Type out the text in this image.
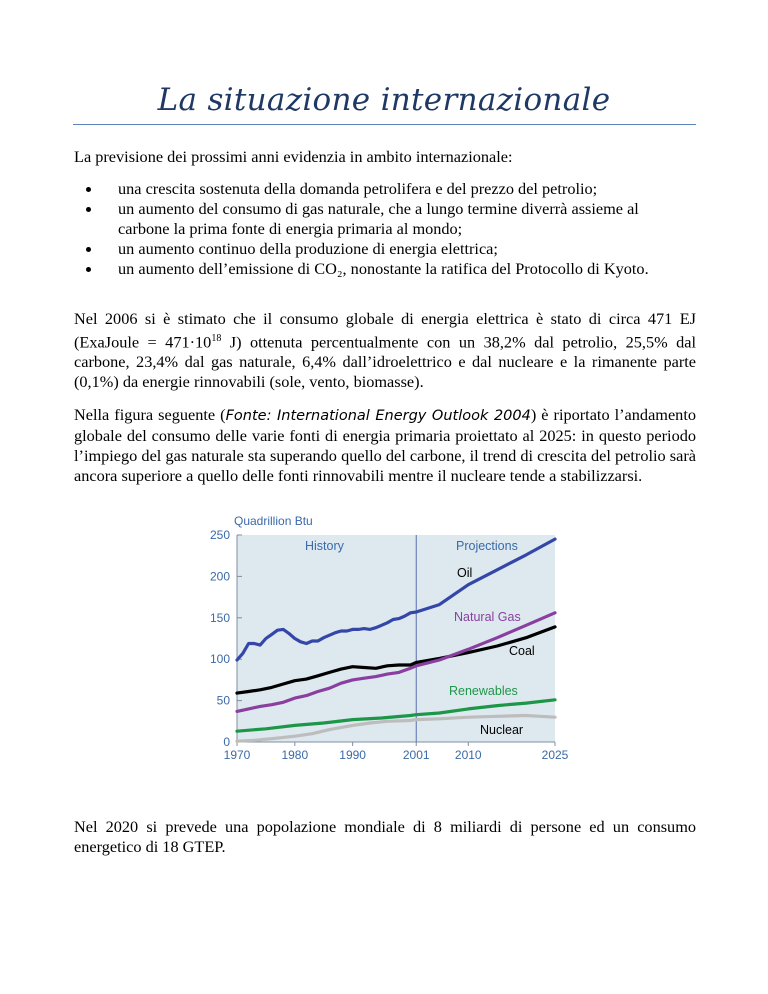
La situazione internazionale
La previsione dei prossimi anni evidenzia in ambito internazionale:
una crescita sostenuta della domanda petrolifera e del prezzo del petrolio;
un aumento del consumo di gas naturale, che a lungo termine diverrà assieme al carbone la prima fonte di energia primaria al mondo;
un aumento continuo della produzione di energia elettrica;
un aumento dell’emissione di CO₂, nonostante la ratifica del Protocollo di Kyoto.
Nel 2006 si è stimato che il consumo globale di energia elettrica è stato di circa 471 EJ (ExaJoule = $471\cdot 10^{18}$ J) ottenuta percentualmente con un 38,2% dal petrolio, 25,5% dal carbone, 23,4% dal gas naturale, 6,4% dall’idroelettrico e dal nucleare e la rimanente parte (0,1%) da energie rinnovabili (sole, vento, biomasse).
Nella figura seguente (Fonte: International Energy Outlook 2004) è riportato l’andamento globale del consumo delle varie fonti di energia primaria proiettato al 2025: in questo periodo l’impiego del gas naturale sta superando quello del carbone, il trend di crescita del petrolio sarà ancora superiore a quello delle fonti rinnovabili mentre il nucleare tende a stabilizzarsi.
Quadrillion Btu
0
50
100
150
200
250
1970	1980	1990	2001 2010	2025
History	Projections
Oil
Natural Gas
Coal
Renewables
Nuclear
Nel 2020 si prevede una popolazione mondiale di 8 miliardi di persone ed un consumo energetico di 18 GTEP.
